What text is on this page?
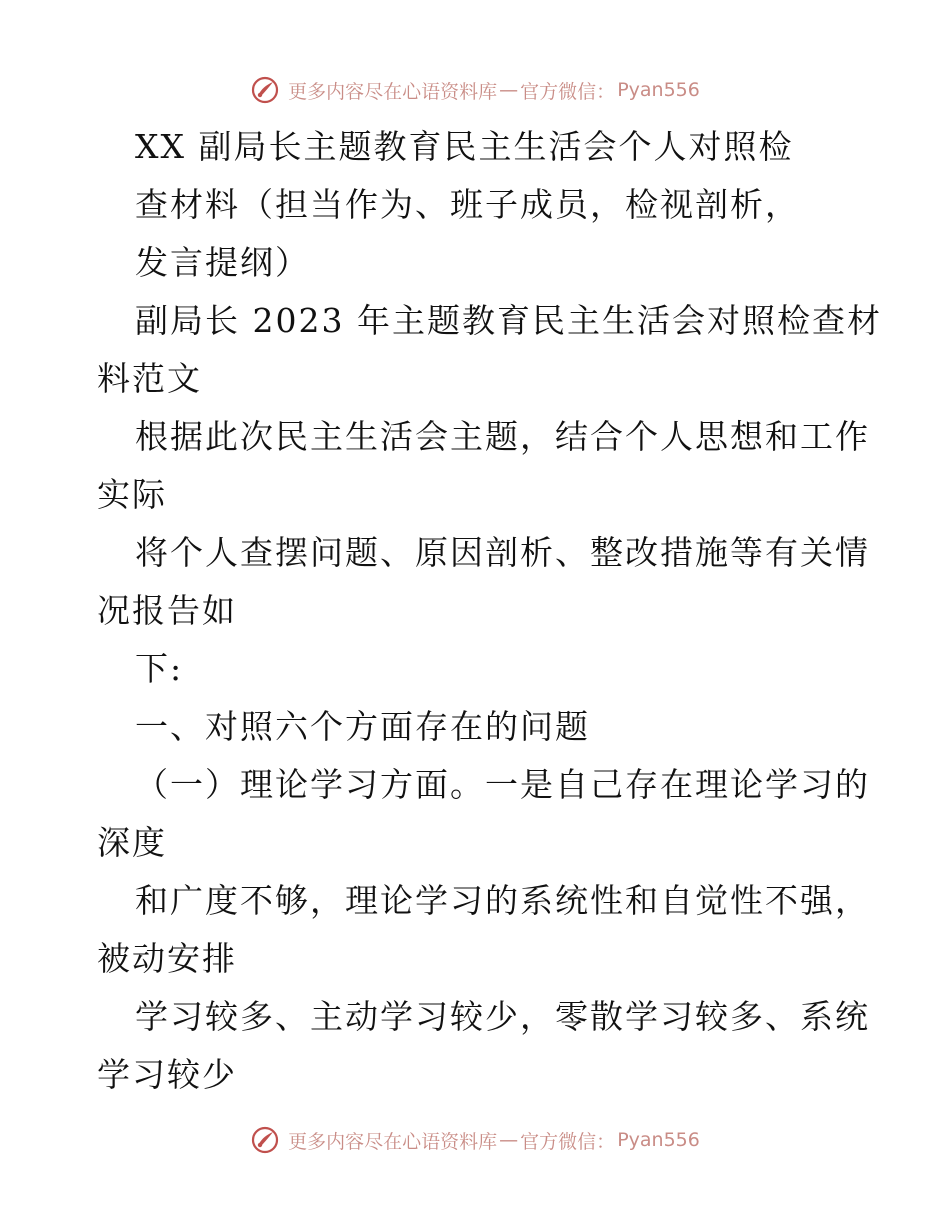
更多内容尽在心语资料库 — 官方微信： Pyan556
XX 副局长主题教育民主生活会个人对照检
查材料（担当作为、班子成员，检视剖析，
发言提纲）
副局长 2023 年主题教育民主生活会对照检查材
料范文
根据此次民主生活会主题，结合个人思想和工作
实际
将个人查摆问题、原因剖析、整改措施等有关情
况报告如
下:
一、对照六个方面存在的问题
（一）理论学习方面。一是自己存在理论学习的
深度
和广度不够，理论学习的系统性和自觉性不强，
被动安排
学习较多、主动学习较少，零散学习较多、系统
学习较少
更多内容尽在心语资料库 — 官方微信： Pyan556
